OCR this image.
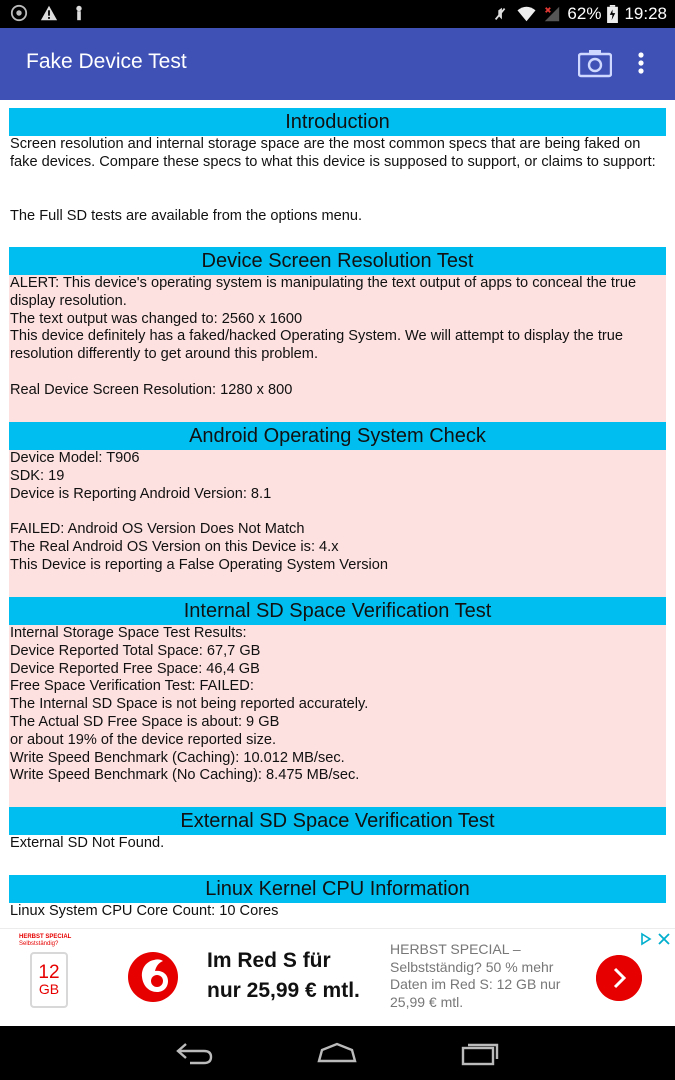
62% 19:28
Fake Device Test
Introduction
Screen resolution and internal storage space are the most common specs that are being faked on fake devices. Compare these specs to what this device is supposed to support, or claims to support:
The Full SD tests are available from the options menu.
Device Screen Resolution Test
ALERT: This device's operating system is manipulating the text output of apps to conceal the true
display resolution.
The text output was changed to: 2560 x 1600
This device definitely has a faked/hacked Operating System. We will attempt to display the true
resolution differently to get around this problem.
Real Device Screen Resolution: 1280 x 800
Android Operating System Check
Device Model: T906
SDK: 19
Device is Reporting Android Version: 8.1
FAILED: Android OS Version Does Not Match
The Real Android OS Version on this Device is: 4.x
This Device is reporting a False Operating System Version
Internal SD Space Verification Test
Internal Storage Space Test Results:
Device Reported Total Space: 67,7 GB
Device Reported Free Space: 46,4 GB
Free Space Verification Test: FAILED:
The Internal SD Space is not being reported accurately.
The Actual SD Free Space is about: 9 GB
or about 19% of the device reported size.
Write Speed Benchmark (Caching): 10.012 MB/sec.
Write Speed Benchmark (No Caching): 8.475 MB/sec.
External SD Space Verification Test
External SD Not Found.
Linux Kernel CPU Information
Linux System CPU Core Count: 10 Cores
HERBST SPECIAL
Selbstständig?
12
GB
Im Red S für
nur 25,99 € mtl.
HERBST SPECIAL – Selbstständig? 50 % mehr Daten im Red S: 12 GB nur 25,99 € mtl.
